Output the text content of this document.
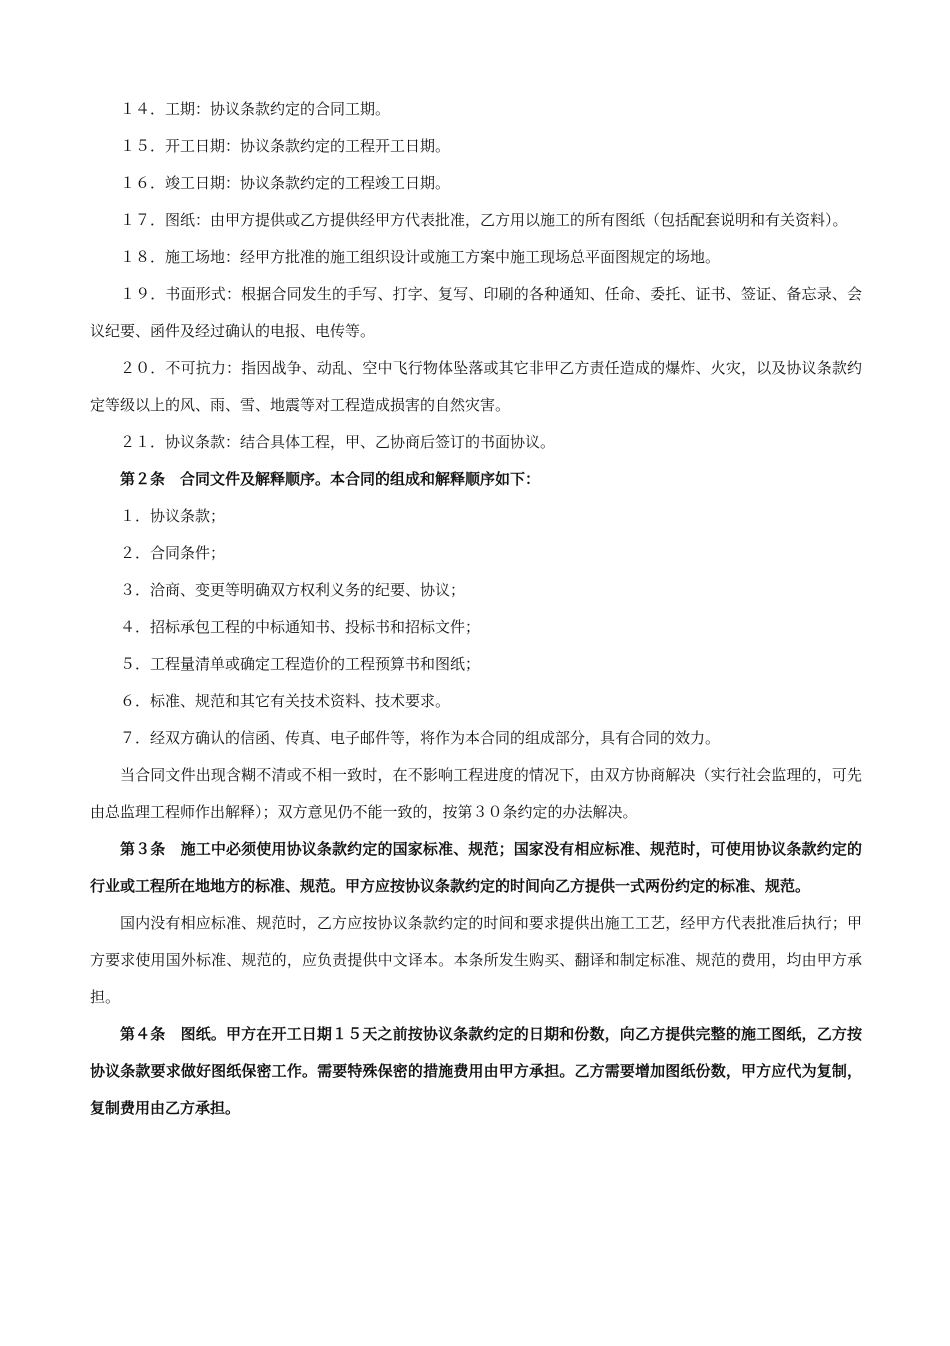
１４．工期：协议条款约定的合同工期。

１５．开工日期：协议条款约定的工程开工日期。

１６．竣工日期：协议条款约定的工程竣工日期。

１７．图纸：由甲方提供或乙方提供经甲方代表批准，乙方用以施工的所有图纸（包括配套说明和有关资料）。

１８．施工场地：经甲方批准的施工组织设计或施工方案中施工现场总平面图规定的场地。

１９．书面形式：根据合同发生的手写、打字、复写、印刷的各种通知、任命、委托、证书、签证、备忘录、会议纪要、函件及经过确认的电报、电传等。

２０．不可抗力：指因战争、动乱、空中飞行物体坠落或其它非甲乙方责任造成的爆炸、火灾，以及协议条款约定等级以上的风、雨、雪、地震等对工程造成损害的自然灾害。

２１．协议条款：结合具体工程，甲、乙协商后签订的书面协议。

第２条　合同文件及解释顺序。本合同的组成和解释顺序如下：

１．协议条款；

２．合同条件；

３．洽商、变更等明确双方权利义务的纪要、协议；

４．招标承包工程的中标通知书、投标书和招标文件；

５．工程量清单或确定工程造价的工程预算书和图纸；

６．标准、规范和其它有关技术资料、技术要求。

７．经双方确认的信函、传真、电子邮件等，将作为本合同的组成部分，具有合同的效力。

当合同文件出现含糊不清或不相一致时，在不影响工程进度的情况下，由双方协商解决（实行社会监理的，可先由总监理工程师作出解释）；双方意见仍不能一致的，按第３０条约定的办法解决。

第３条　施工中必须使用协议条款约定的国家标准、规范；国家没有相应标准、规范时，可使用协议条款约定的行业或工程所在地地方的标准、规范。甲方应按协议条款约定的时间向乙方提供一式两份约定的标准、规范。

国内没有相应标准、规范时，乙方应按协议条款约定的时间和要求提供出施工工艺，经甲方代表批准后执行；甲方要求使用国外标准、规范的，应负责提供中文译本。本条所发生购买、翻译和制定标准、规范的费用，均由甲方承担。

第４条　图纸。甲方在开工日期１５天之前按协议条款约定的日期和份数，向乙方提供完整的施工图纸，乙方按协议条款要求做好图纸保密工作。需要特殊保密的措施费用由甲方承担。乙方需要增加图纸份数，甲方应代为复制，复制费用由乙方承担。
